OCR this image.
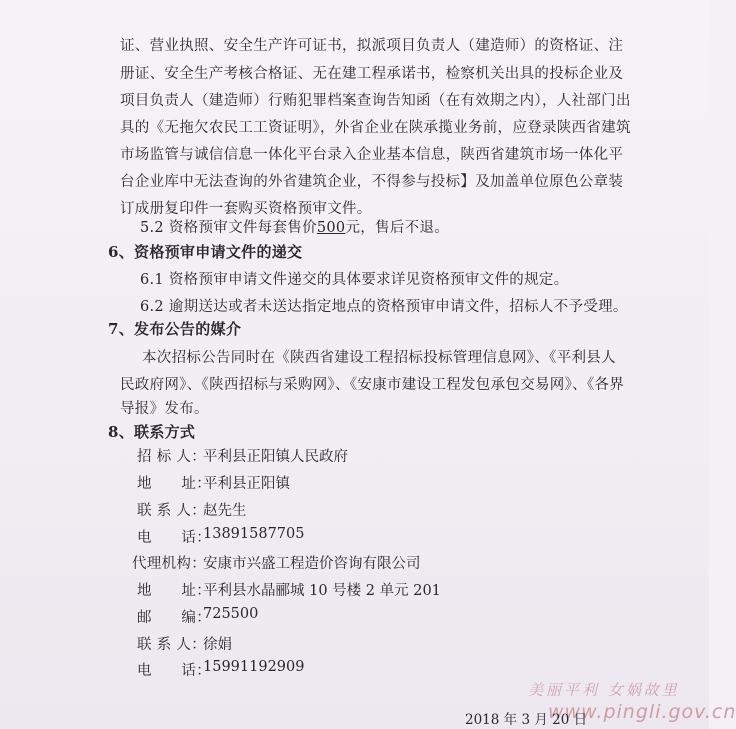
证、营业执照、安全生产许可证书，拟派项目负责人（建造师）的资格证、注
册证、安全生产考核合格证、无在建工程承诺书，检察机关出具的投标企业及
项目负责人（建造师）行贿犯罪档案查询告知函（在有效期之内），人社部门出
具的《无拖欠农民工工资证明》，外省企业在陕承揽业务前，应登录陕西省建筑
市场监管与诚信信息一体化平台录入企业基本信息，陕西省建筑市场一体化平
台企业库中无法查询的外省建筑企业，不得参与投标】及加盖单位原色公章装
订成册复印件一套购买资格预审文件。
5.2 资格预审文件每套售价500元，售后不退。
6、资格预审申请文件的递交
6.1 资格预审申请文件递交的具体要求详见资格预审文件的规定。
6.2 逾期送达或者未送达指定地点的资格预审申请文件，招标人不予受理。
7、发布公告的媒介
本次招标公告同时在《陕西省建设工程招标投标管理信息网》、《平利县人
民政府网》、《陕西招标与采购网》、《安康市建设工程发包承包交易网》、《各界
导报》发布。
8、联系方式
招 标 人：
平利县正阳镇人民政府
地　　址：
平利县正阳镇
联 系 人：
赵先生
电　　话：
13891587705
代理机构：
安康市兴盛工程造价咨询有限公司
地　　址：
平利县水晶郦城 10 号楼 2 单元 201
邮　　编：
725500
联 系 人：
徐娟
电　　话：
15991192909
美丽平利 女娲故里
www.pingli.gov.cn
2018 年 3 月 20 日
